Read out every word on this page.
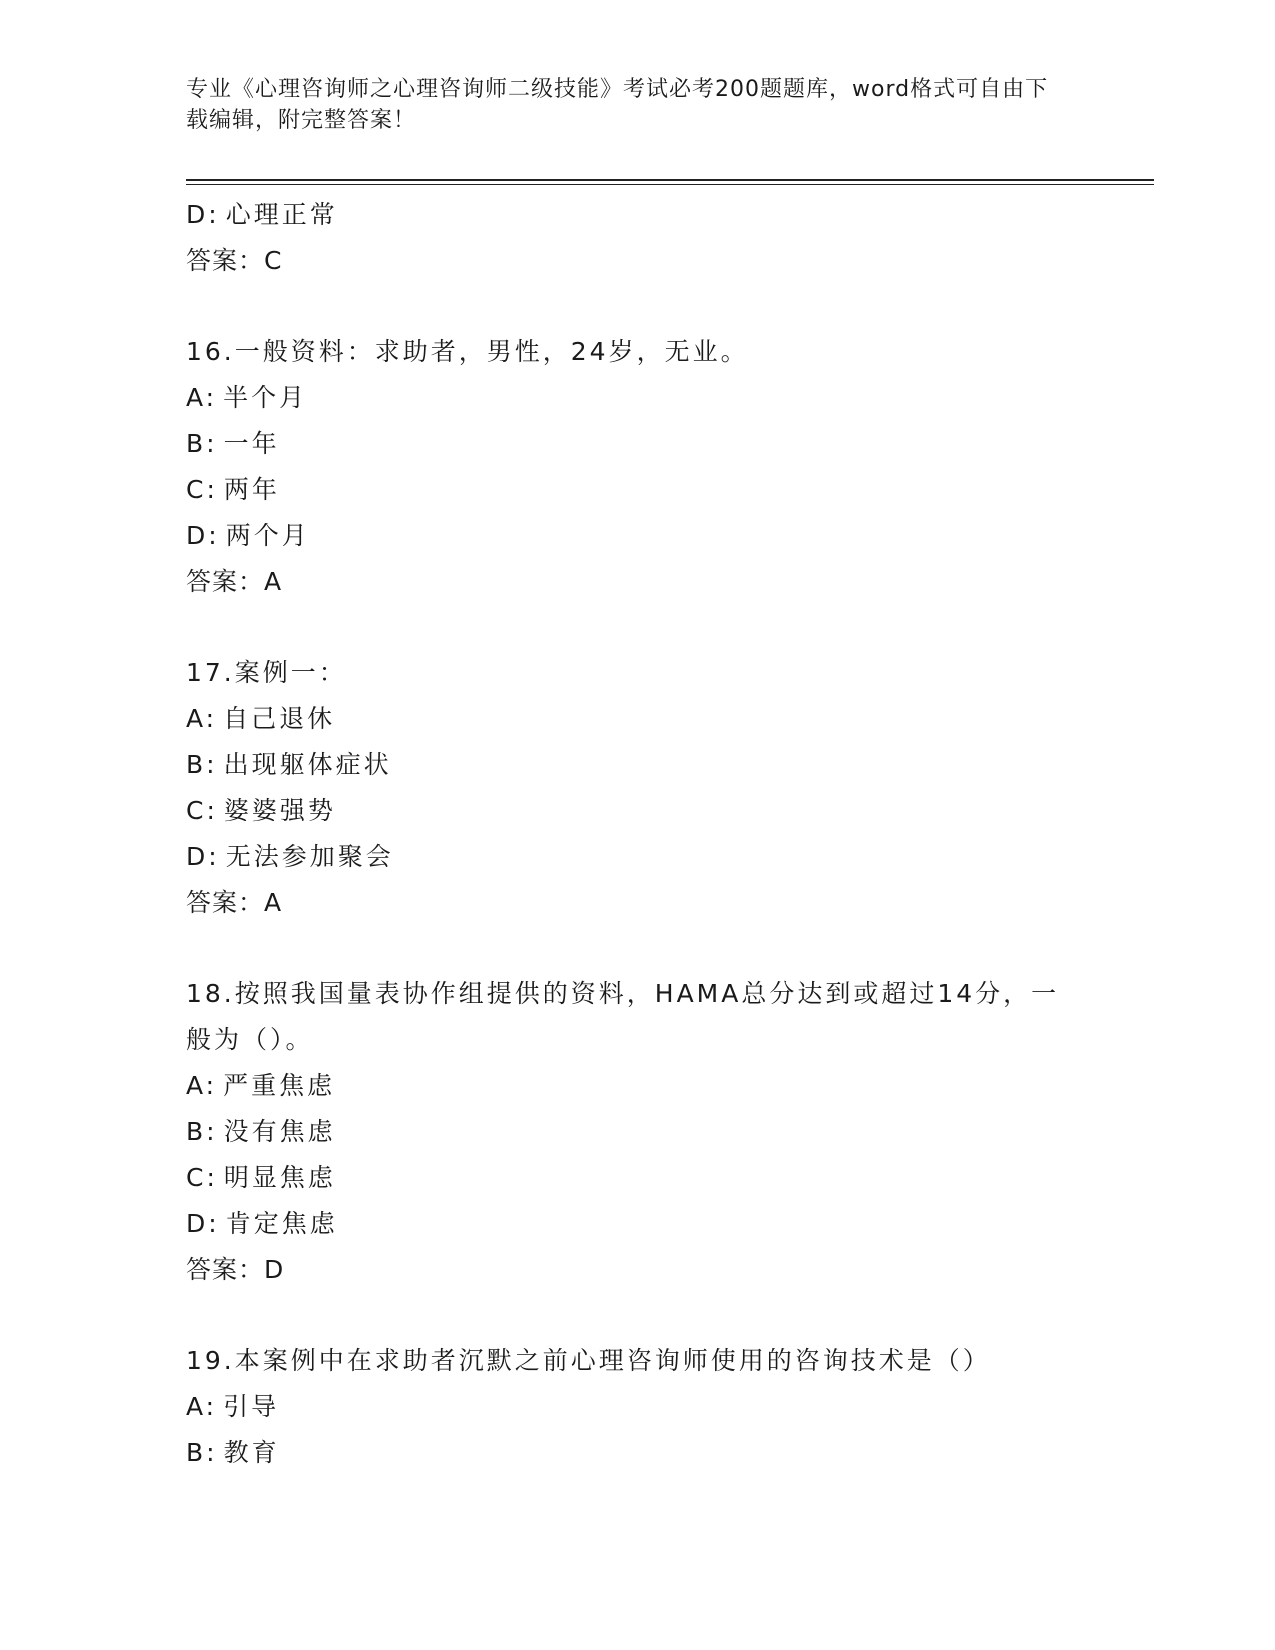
专业《心理咨询师之心理咨询师二级技能》考试必考200题题库，word格式可自由下载编辑，附完整答案！
D: 心理正常
答案：C
16.一般资料：求助者，男性，24岁，无业。
A: 半个月
B: 一年
C: 两年
D: 两个月
答案：A
17.案例一：
A: 自己退休
B: 出现躯体症状
C: 婆婆强势
D: 无法参加聚会
答案：A
18.按照我国量表协作组提供的资料，HAMA总分达到或超过14分，一般为（）。
A: 严重焦虑
B: 没有焦虑
C: 明显焦虑
D: 肯定焦虑
答案：D
19.本案例中在求助者沉默之前心理咨询师使用的咨询技术是（）
A: 引导
B: 教育
